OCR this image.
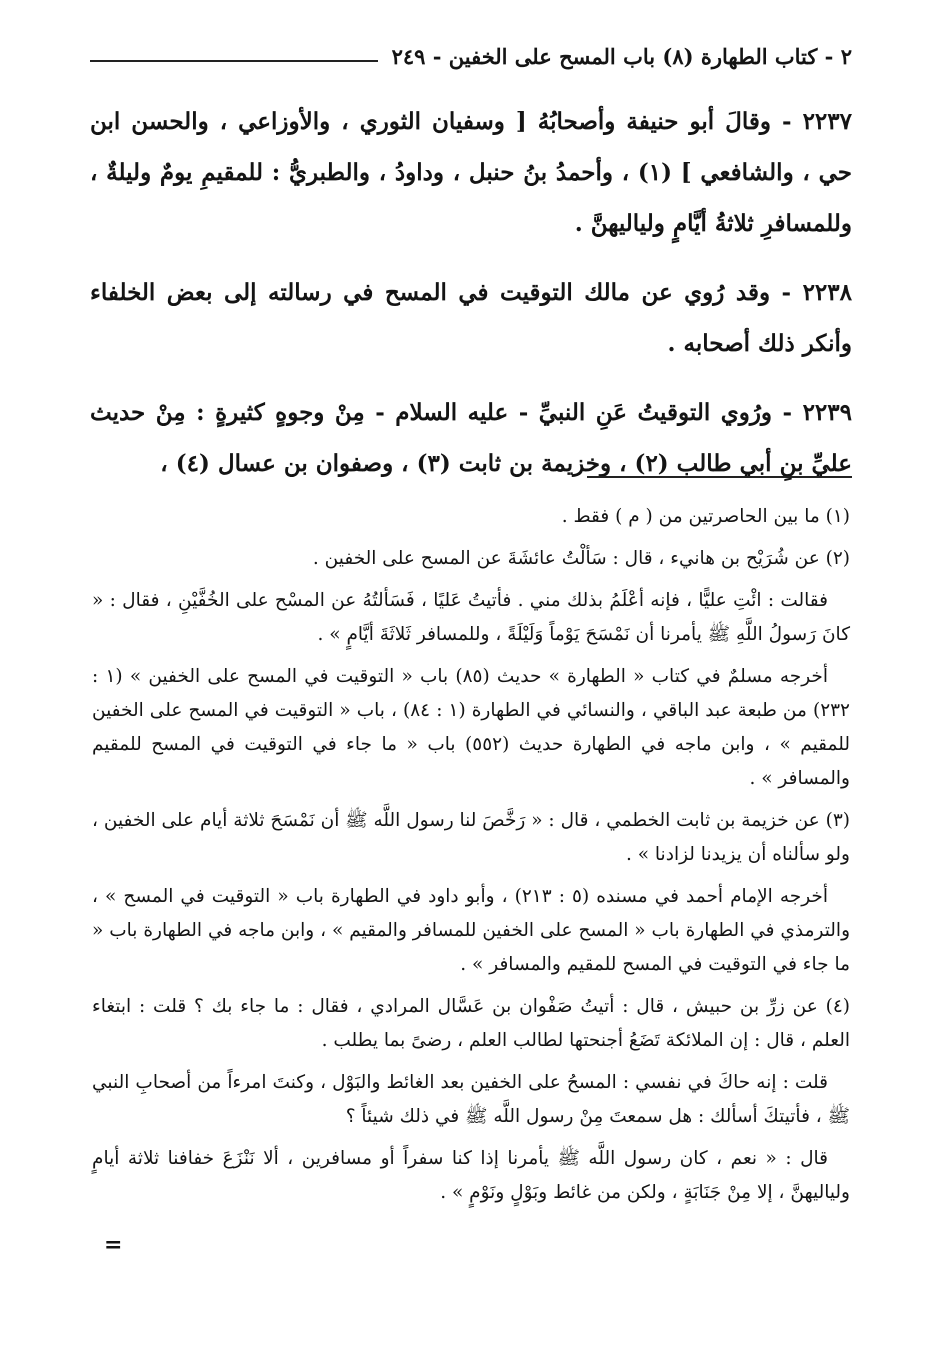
٢ - كتاب الطهارة (٨) باب المسح على الخفين - ٢٤٩

٢٢٣٧ - وقالَ أبو حنيفة وأصحابُهُ [ وسفيان الثوري ، والأوزاعي ، والحسن ابن حي ، والشافعي ] (١) ، وأحمدُ بنُ حنبل ، وداودُ ، والطبريُّ : للمقيمِ يومٌ وليلةٌ ، وللمسافرِ ثلاثةُ أيَّامٍ ولياليهنَّ .

٢٢٣٨ - وقد رُوي عن مالك التوقيت في المسح في رسالته إلى بعض الخلفاء وأنكر ذلك أصحابه .

٢٢٣٩ - ورُوي التوقيتُ عَنِ النبيِّ - عليه السلام - مِنْ وجوهٍ كثيرةٍ : مِنْ حديث عليِّ بنِ أبي طالب (٢) ، وخزيمة بن ثابت (٣) ، وصفوان بن عسال (٤) ،

(١) ما بين الحاصرتين من ( م ) فقط .

(٢) عن شُرَيْح بن هانيء ، قال : سَألْتُ عائشَةَ عن المسح على الخفين .

فقالت : ائْتِ عليًّا ، فإنه أعْلَمُ بذلك مني . فأتيتُ عَليًا ، فَسَألتُهُ عن المسْح على الخُفَّيْنِ ، فقال : « كانَ رَسولُ اللَّهِ ﷺ يأمرنا أن نَمْسَحَ يَوْماً وَلَيْلَةً ، وللمسافر ثَلاثَةَ أيَّامٍ » .

أخرجه مسلمٌ في كتاب « الطهارة » حديث (٨٥) باب « التوقيت في المسح على الخفين » (١ : ٢٣٢) من طبعة عبد الباقي ، والنسائي في الطهارة (١ : ٨٤) ، باب « التوقيت في المسح على الخفين للمقيم » ، وابن ماجه في الطهارة حديث (٥٥٢) باب « ما جاء في التوقيت في المسح للمقيم والمسافر » .

(٣) عن خزيمة بن ثابت الخطمي ، قال : « رَخَّصَ لنا رسول اللَّه ﷺ أن نَمْسَحَ ثلاثة أيام على الخفين ، ولو سألناه أن يزيدنا لزادنا » .

أخرجه الإمام أحمد في مسنده (٥ : ٢١٣) ، وأبو داود في الطهارة باب « التوقيت في المسح » ، والترمذي في الطهارة باب « المسح على الخفين للمسافر والمقيم » ، وابن ماجه في الطهارة باب « ما جاء في التوقيت في المسح للمقيم والمسافر » .

(٤) عن زرِّ بن حبيش ، قال : أتيتُ صَفْوان بن عَسَّال المرادي ، فقال : ما جاء بك ؟ قلت : ابتغاء العلم ، قال : إن الملائكة تَضَعُ أجنحتها لطالب العلم ، رضىً بما يطلب .

قلت : إنه حاكَ في نفسي : المسحُ على الخفين بعد الغائط والبَوْل ، وكنتَ امرءاً من أصحابِ النبي ﷺ ، فأتيتكَ أسألك : هل سمعتَ مِنْ رسول اللَّه ﷺ في ذلك شيئاً ؟

قال : « نعم ، كان رسول اللَّه ﷺ يأمرنا إذا كنا سفراً أو مسافرين ، ألا نَنْزَعَ خفافنا ثلاثة أيامٍ ولياليهنَّ ، إلا مِنْ جَنَابَةٍ ، ولكن من غائط وبَوْلٍ ونَوْمٍ » .

=
